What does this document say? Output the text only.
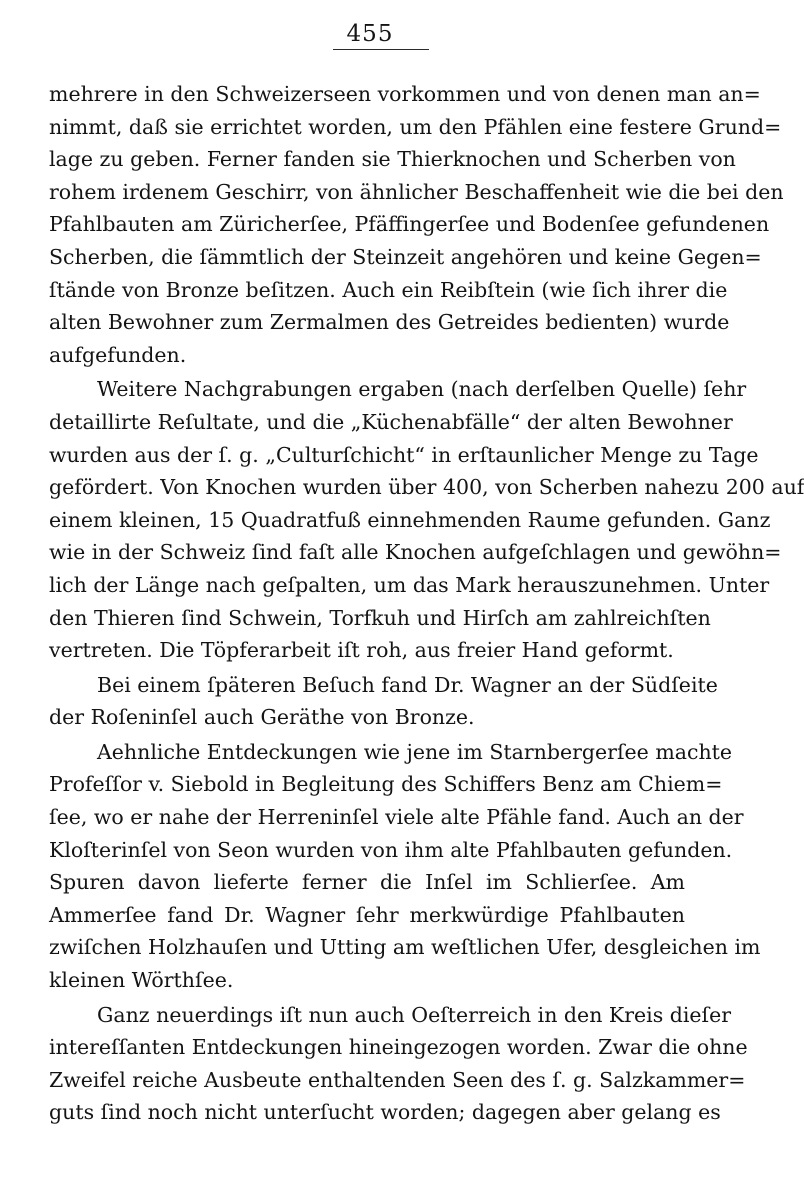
455
mehrere in den Schweizerseen vorkommen und von denen man an=
nimmt, daß sie errichtet worden, um den Pfählen eine festere Grund=
lage zu geben. Ferner fanden sie Thierknochen und Scherben von
rohem irdenem Geschirr, von ähnlicher Beschaffenheit wie die bei den
Pfahlbauten am Züricherſee, Pfäffingerſee und Bodenſee gefundenen
Scherben, die ſämmtlich der Steinzeit angehören und keine Gegen=
ſtände von Bronze beſitzen. Auch ein Reibſtein (wie ſich ihrer die
alten Bewohner zum Zermalmen des Getreides bedienten) wurde
aufgefunden.
Weitere Nachgrabungen ergaben (nach derſelben Quelle) ſehr
detaillirte Reſultate, und die „Küchenabfälle“ der alten Bewohner
wurden aus der ſ. g. „Culturſchicht“ in erſtaunlicher Menge zu Tage
gefördert. Von Knochen wurden über 400, von Scherben nahezu 200 auf
einem kleinen, 15 Quadratfuß einnehmenden Raume gefunden. Ganz
wie in der Schweiz ſind faſt alle Knochen aufgeſchlagen und gewöhn=
lich der Länge nach geſpalten, um das Mark herauszunehmen. Unter
den Thieren ſind Schwein, Torfkuh und Hirſch am zahlreichſten
vertreten. Die Töpferarbeit iſt roh, aus freier Hand geformt.
Bei einem ſpäteren Beſuch fand Dr. Wagner an der Südſeite
der Roſeninſel auch Geräthe von Bronze.
Aehnliche Entdeckungen wie jene im Starnbergerſee machte
Profeſſor v. Siebold in Begleitung des Schiffers Benz am Chiem=
ſee, wo er nahe der Herreninſel viele alte Pfähle fand. Auch an der
Kloſterinſel von Seon wurden von ihm alte Pfahlbauten gefunden.
Spuren davon lieferte ferner die Inſel im Schlierſee. Am
Ammerſee fand Dr. Wagner ſehr merkwürdige Pfahlbauten
zwiſchen Holzhauſen und Utting am weſtlichen Ufer, desgleichen im
kleinen Wörthſee.
Ganz neuerdings iſt nun auch Oeſterreich in den Kreis dieſer
intereſſanten Entdeckungen hineingezogen worden. Zwar die ohne
Zweifel reiche Ausbeute enthaltenden Seen des ſ. g. Salzkammer=
guts ſind noch nicht unterſucht worden; dagegen aber gelang es
